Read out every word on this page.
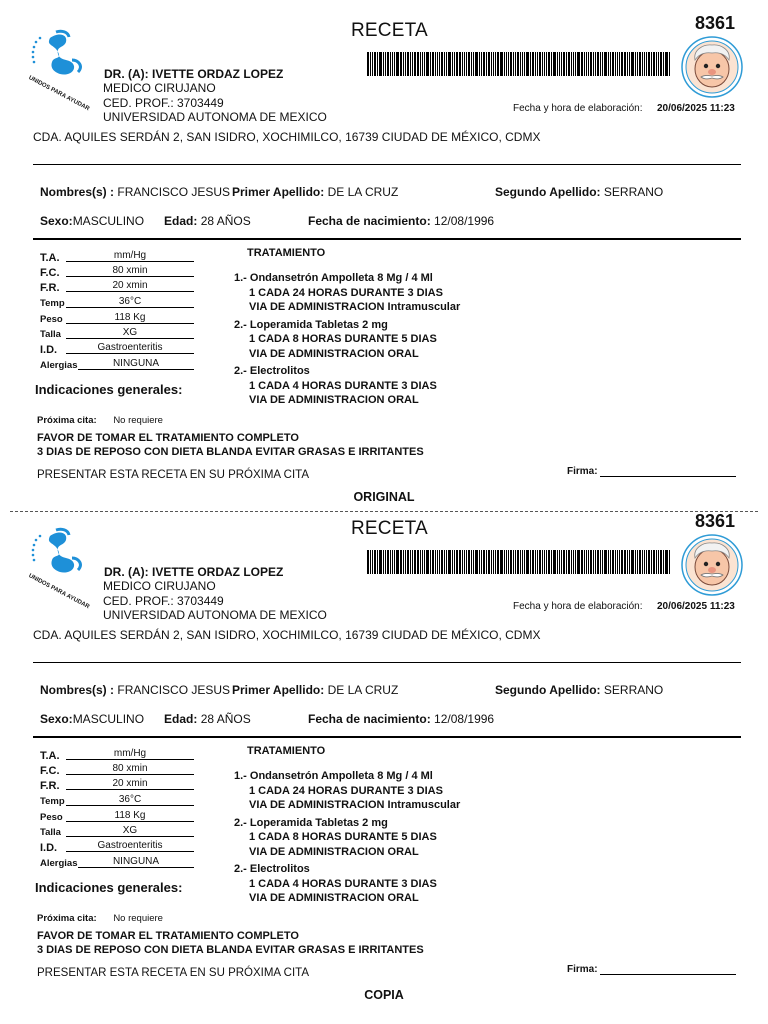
UNIDOS PARA AYUDAR
RECETA	8361
DR. (A): IVETTE ORDAZ LOPEZ
MEDICO CIRUJANO
CED. PROF.: 3703449
UNIVERSIDAD AUTONOMA DE MEXICO
Fecha y hora de elaboración: 20/06/2025 11:23
CDA. AQUILES SERDÁN 2, SAN ISIDRO, XOCHIMILCO, 16739 CIUDAD DE MÉXICO, CDMX
Nombres(s) : FRANCISCO JESUS Primer Apellido: DE LA CRUZ	Segundo Apellido: SERRANO
Sexo:MASCULINO Edad: 28 AÑOS	Fecha de nacimiento: 12/08/1996
T.A.	mm/Hg
F.C.	80 xmin
F.R.	20 xmin
Temp	36°C
Peso	118 Kg
Talla	XG
I.D.	Gastroenteritis
Alergias	NINGUNA
TRATAMIENTO
1.- Ondansetrón Ampolleta 8 Mg / 4 Ml
1 CADA 24 HORAS DURANTE 3 DIAS
VIA DE ADMINISTRACION Intramuscular
2.- Loperamida Tabletas 2 mg
1 CADA 8 HORAS DURANTE 5 DIAS
VIA DE ADMINISTRACION ORAL
2.- Electrolitos
1 CADA 4 HORAS DURANTE 3 DIAS
VIA DE ADMINISTRACION ORAL
Indicaciones generales:
Próxima cita: No requiere
FAVOR DE TOMAR EL TRATAMIENTO COMPLETO
3 DIAS DE REPOSO CON DIETA BLANDA EVITAR GRASAS E IRRITANTES
PRESENTAR ESTA RECETA EN SU PRÓXIMA CITA	Firma:
ORIGINAL
UNIDOS PARA AYUDAR
RECETA	8361
DR. (A): IVETTE ORDAZ LOPEZ
MEDICO CIRUJANO
CED. PROF.: 3703449
UNIVERSIDAD AUTONOMA DE MEXICO
Fecha y hora de elaboración: 20/06/2025 11:23
CDA. AQUILES SERDÁN 2, SAN ISIDRO, XOCHIMILCO, 16739 CIUDAD DE MÉXICO, CDMX
Nombres(s) : FRANCISCO JESUS Primer Apellido: DE LA CRUZ	Segundo Apellido: SERRANO
Sexo:MASCULINO Edad: 28 AÑOS	Fecha de nacimiento: 12/08/1996
T.A.	mm/Hg
F.C.	80 xmin
F.R.	20 xmin
Temp	36°C
Peso	118 Kg
Talla	XG
I.D.	Gastroenteritis
Alergias	NINGUNA
TRATAMIENTO
1.- Ondansetrón Ampolleta 8 Mg / 4 Ml
1 CADA 24 HORAS DURANTE 3 DIAS
VIA DE ADMINISTRACION Intramuscular
2.- Loperamida Tabletas 2 mg
1 CADA 8 HORAS DURANTE 5 DIAS
VIA DE ADMINISTRACION ORAL
2.- Electrolitos
1 CADA 4 HORAS DURANTE 3 DIAS
VIA DE ADMINISTRACION ORAL
Indicaciones generales:
Próxima cita: No requiere
FAVOR DE TOMAR EL TRATAMIENTO COMPLETO
3 DIAS DE REPOSO CON DIETA BLANDA EVITAR GRASAS E IRRITANTES
PRESENTAR ESTA RECETA EN SU PRÓXIMA CITA	Firma:
COPIA
